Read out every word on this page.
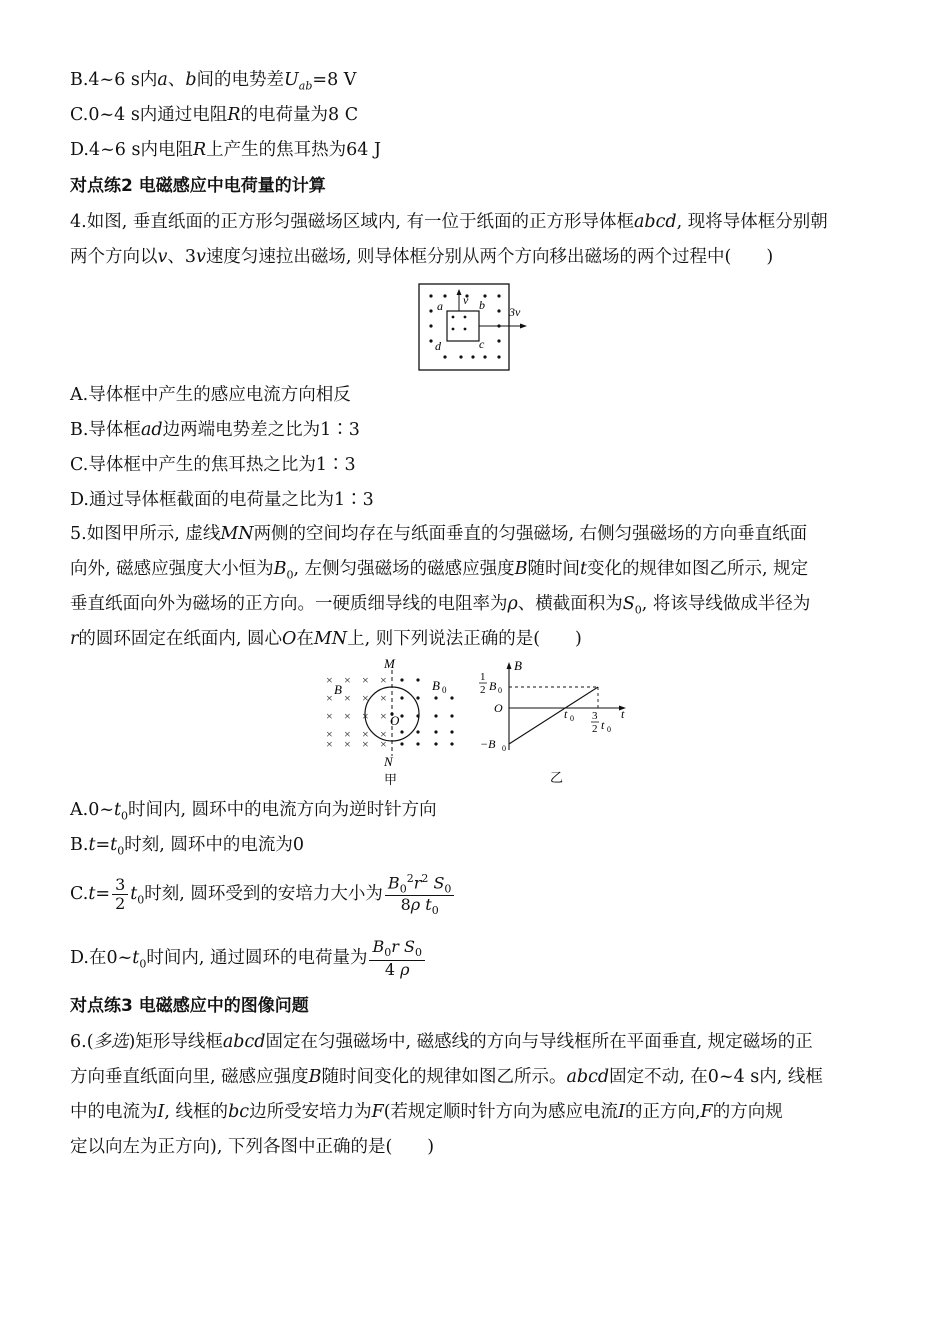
B.4~6 s内a、b间的电势差$U_{ab}=8$ V
C.0~4 s内通过电阻R的电荷量为8 C
D.4~6 s内电阻R上产生的焦耳热为64 J
对点练2 电磁感应中电荷量的计算
4.如图, 垂直纸面的正方形匀强磁场区域内, 有一位于纸面的正方形导体框abcd, 现将导体框分别朝
两个方向以v、3v速度匀速拉出磁场, 则导体框分别从两个方向移出磁场的两个过程中(　　)
a v b
c
d
3v
A.导体框中产生的感应电流方向相反
B.导体框ad边两端电势差之比为1∶3
C.导体框中产生的焦耳热之比为1∶3
D.通过导体框截面的电荷量之比为1∶3
5.如图甲所示, 虚线MN两侧的空间均存在与纸面垂直的匀强磁场, 右侧匀强磁场的方向垂直纸面
向外, 磁感应强度大小恒为$B_0$, 左侧匀强磁场的磁感应强度B随时间t变化的规律如图乙所示, 规定
垂直纸面向外为磁场的正方向。一硬质细导线的电阻率为ρ、横截面积为$S_0$, 将该导线做成半径为
r的圆环固定在纸面内, 圆心O在MN上, 则下列说法正确的是(　　)
× × × ×
× × × ×
× × × ×
× × × ×
× × × ×
M
N
B	B 0
O
甲
B
1
2 B 0
O	t 0 3
2 t 0
t
−B 0
乙
$A.0\sim t_0$时间内, 圆环中的电流方向为逆时针方向
$B.t=t_0$时刻, 圆环中的电流为0
$C.t= \frac{3}{2} t_0$时刻, 圆环受到的安培力大小为 $\frac{B_0^2r^2 S_0}{8\rho t_0}$
D.在$0\sim t_0$时间内, 通过圆环的电荷量为 $\frac{B_0r S_0}{4 \rho}$
对点练3 电磁感应中的图像问题
6.(多选)矩形导线框abcd固定在匀强磁场中, 磁感线的方向与导线框所在平面垂直, 规定磁场的正
方向垂直纸面向里, 磁感应强度B随时间变化的规律如图乙所示。abcd固定不动, 在0~4 s内, 线框
中的电流为I, 线框的bc边所受安培力为F(若规定顺时针方向为感应电流I的正方向,F的方向规
定以向左为正方向), 下列各图中正确的是(　　)
